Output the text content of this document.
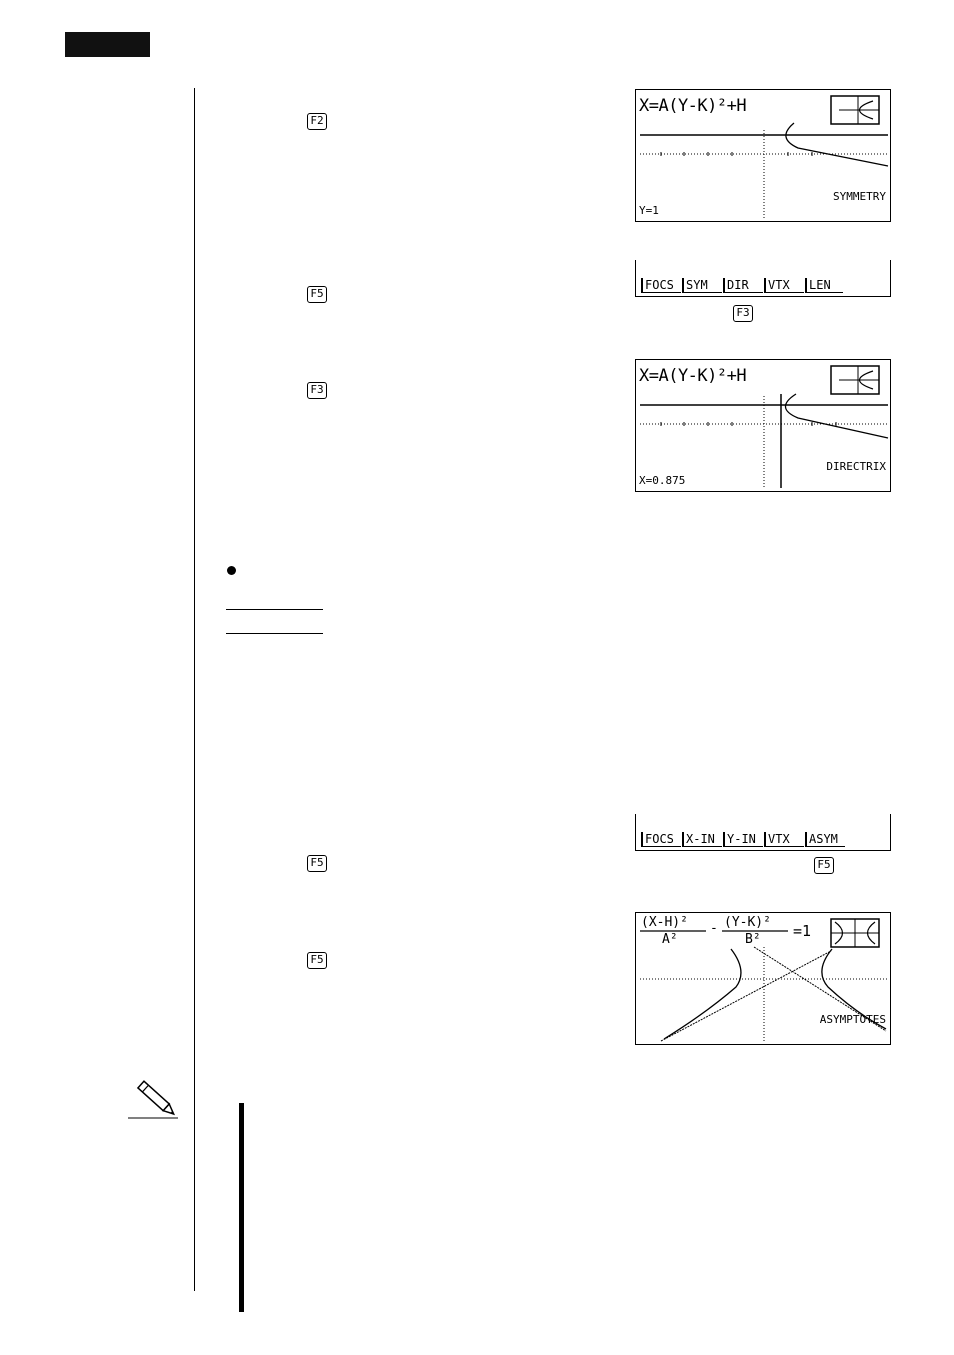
F2
F5
F3
F5
F5
X=A(Y-K)²+H
SYMMETRY
Y=1
FOCS	SYM	DIR	VTX	LEN
F3
X=A(Y-K)²+H
DIRECTRIX
X=0.875
FOCS	X-IN	Y-IN	VTX	ASYM
F5
(X-H)²
A²
- (Y-K)²
B² =1
ASYMPTOTES
